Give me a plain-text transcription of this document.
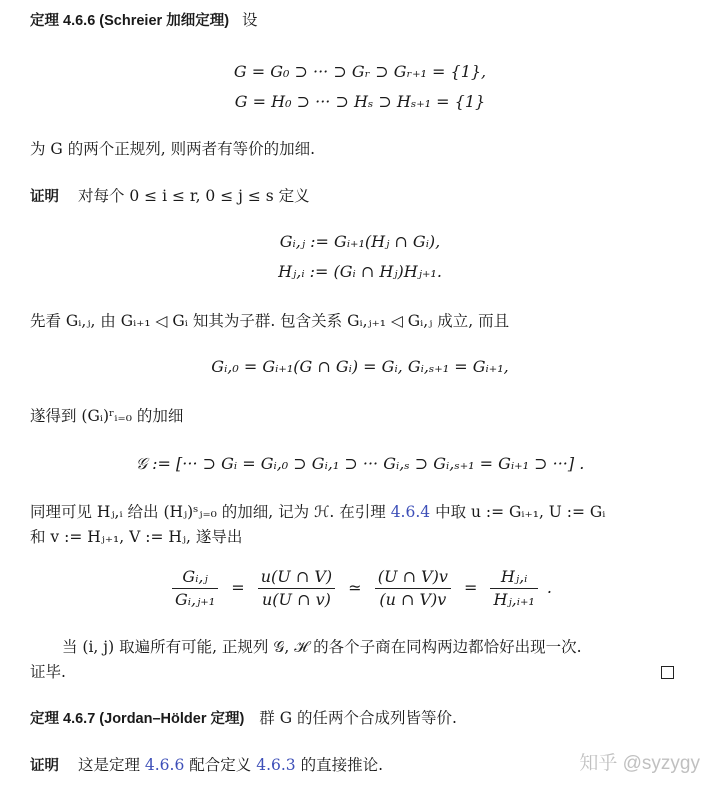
定理 4.6.6 (Schreier 加细定理) 设
G = G₀ ⊃ ··· ⊃ Gᵣ ⊃ Gᵣ₊₁ = {1},
G = H₀ ⊃ ··· ⊃ Hₛ ⊃ Hₛ₊₁ = {1}
为 G 的两个正规列, 则两者有等价的加细.
证明 对每个 0 ≤ i ≤ r, 0 ≤ j ≤ s 定义
Gᵢ,ⱼ := Gᵢ₊₁(Hⱼ ∩ Gᵢ),
Hⱼ,ᵢ := (Gᵢ ∩ Hⱼ)Hⱼ₊₁.
先看 Gᵢ,ⱼ, 由 Gᵢ₊₁ ◁ Gᵢ 知其为子群. 包含关系 Gᵢ,ⱼ₊₁ ◁ Gᵢ,ⱼ 成立, 而且
Gᵢ,₀ = Gᵢ₊₁(G ∩ Gᵢ) = Gᵢ, Gᵢ,ₛ₊₁ = Gᵢ₊₁,
遂得到 (Gᵢ)ʳᵢ₌₀ 的加细
𝒢 := [··· ⊃ Gᵢ = Gᵢ,₀ ⊃ Gᵢ,₁ ⊃ ··· Gᵢ,ₛ ⊃ Gᵢ,ₛ₊₁ = Gᵢ₊₁ ⊃ ···] .
同理可见 Hⱼ,ᵢ 给出 (Hⱼ)ˢⱼ₌₀ 的加细, 记为 ℋ. 在引理 4.6.4 中取 u := Gᵢ₊₁, U := Gᵢ
和 v := Hⱼ₊₁, V := Hⱼ, 遂导出
$\frac{\text{Gᵢ,ⱼ}}{\text{Gᵢ,ⱼ₊₁}} = \frac{u(U \cap V)}{u(U \cap v)}$ ≃ $\frac{(U \cap V)v}{(u \cap V)v} = \frac{\text{Hⱼ,ᵢ}}{\text{Hⱼ,ᵢ₊₁}}$ .
当 (i, j) 取遍所有可能, 正规列 𝒢, ℋ 的各个子商在同构两边都恰好出现一次.
证毕.
定理 4.6.7 (Jordan–Hölder 定理) 群 G 的任两个合成列皆等价.
证明 这是定理 4.6.6 配合定义 4.6.3 的直接推论.	知乎 @syzygy
